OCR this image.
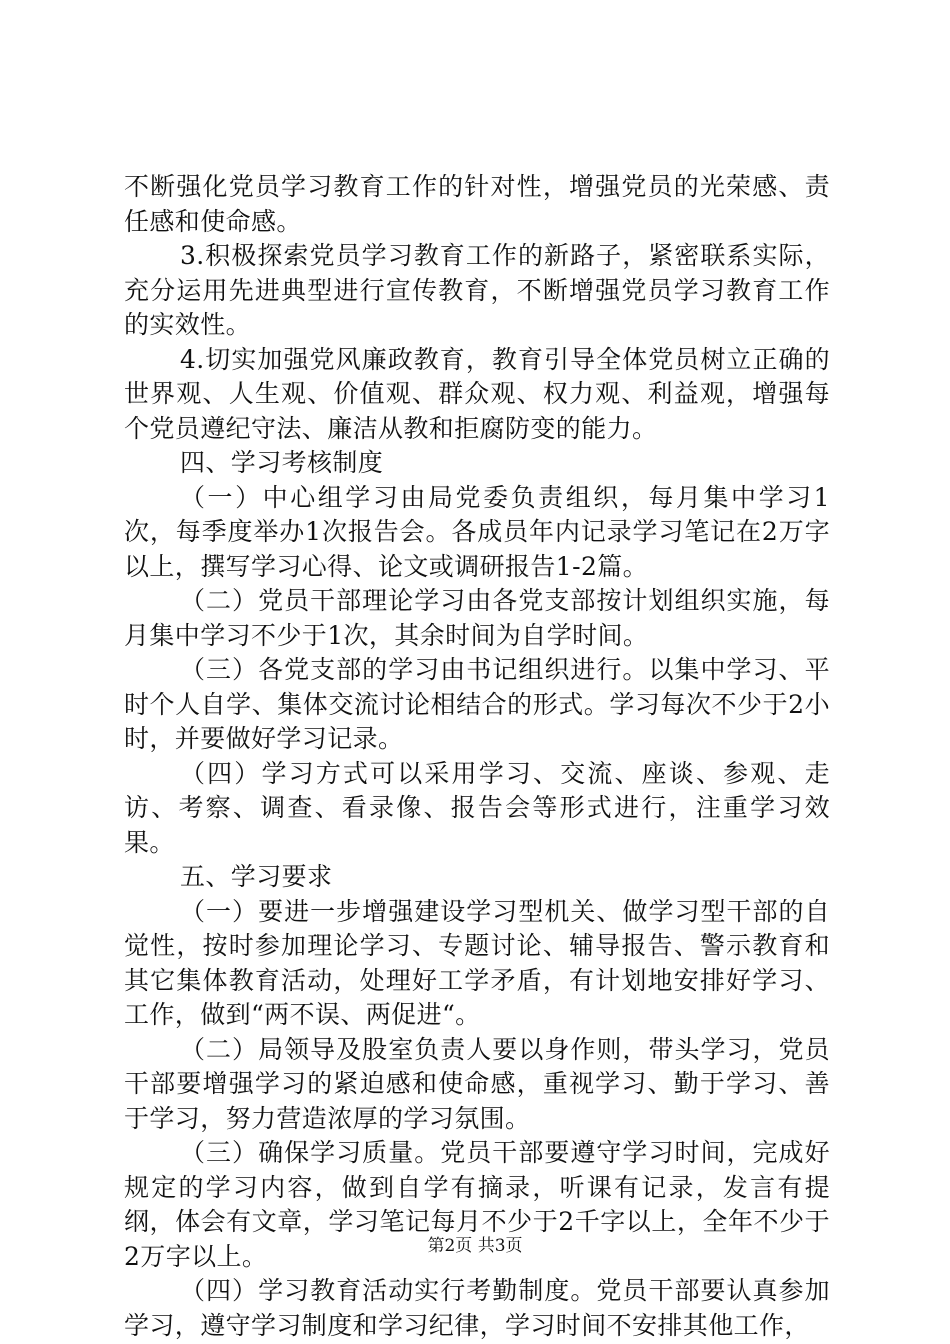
不断强化党员学习教育工作的针对性，增强党员的光荣感、责任感和使命感。

3.积极探索党员学习教育工作的新路子，紧密联系实际，充分运用先进典型进行宣传教育，不断增强党员学习教育工作的实效性。

4.切实加强党风廉政教育，教育引导全体党员树立正确的世界观、人生观、价值观、群众观、权力观、利益观，增强每个党员遵纪守法、廉洁从教和拒腐防变的能力。

四、学习考核制度

（一）中心组学习由局党委负责组织，每月集中学习1次，每季度举办1次报告会。各成员年内记录学习笔记在2万字以上，撰写学习心得、论文或调研报告1-2篇。

（二）党员干部理论学习由各党支部按计划组织实施，每月集中学习不少于1次，其余时间为自学时间。

（三）各党支部的学习由书记组织进行。以集中学习、平时个人自学、集体交流讨论相结合的形式。学习每次不少于2小时，并要做好学习记录。

（四）学习方式可以采用学习、交流、座谈、参观、走访、考察、调查、看录像、报告会等形式进行，注重学习效果。

五、学习要求

（一）要进一步增强建设学习型机关、做学习型干部的自觉性，按时参加理论学习、专题讨论、辅导报告、警示教育和其它集体教育活动，处理好工学矛盾，有计划地安排好学习、工作，做到“两不误、两促进“。

（二）局领导及股室负责人要以身作则，带头学习，党员干部要增强学习的紧迫感和使命感，重视学习、勤于学习、善于学习，努力营造浓厚的学习氛围。

（三）确保学习质量。党员干部要遵守学习时间，完成好规定的学习内容，做到自学有摘录，听课有记录，发言有提纲，体会有文章，学习笔记每月不少于2千字以上，全年不少于2万字以上。

（四）学习教育活动实行考勤制度。党员干部要认真参加学习，遵守学习制度和学习纪律，学习时间不安排其他工作，

第2页 共3页
